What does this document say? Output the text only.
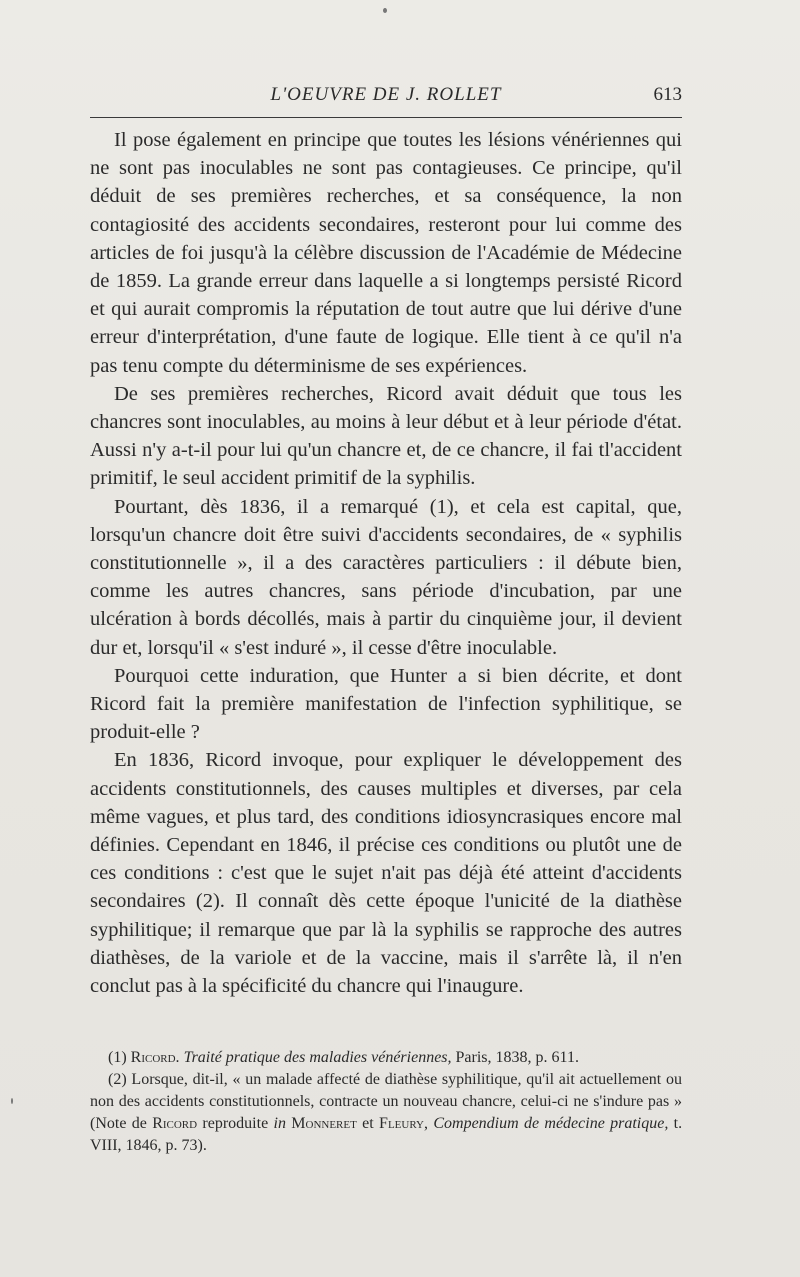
L'OEUVRE DE J. ROLLET	613

Il pose également en principe que toutes les lésions vénériennes qui ne sont pas inoculables ne sont pas contagieuses. Ce principe, qu'il déduit de ses premières recherches, et sa conséquence, la non contagiosité des accidents secondaires, resteront pour lui comme des articles de foi jusqu'à la célèbre discussion de l'Académie de Médecine de 1859. La grande erreur dans laquelle a si longtemps persisté Ricord et qui aurait compromis la réputation de tout autre que lui dérive d'une erreur d'interprétation, d'une faute de logique. Elle tient à ce qu'il n'a pas tenu compte du déterminisme de ses expériences.

De ses premières recherches, Ricord avait déduit que tous les chancres sont inoculables, au moins à leur début et à leur période d'état. Aussi n'y a-t-il pour lui qu'un chancre et, de ce chancre, il fai tl'accident primitif, le seul accident primitif de la syphilis.

Pourtant, dès 1836, il a remarqué (1), et cela est capital, que, lorsqu'un chancre doit être suivi d'accidents secondaires, de « syphilis constitutionnelle », il a des caractères particuliers : il débute bien, comme les autres chancres, sans période d'incubation, par une ulcération à bords décollés, mais à partir du cinquième jour, il devient dur et, lorsqu'il « s'est induré », il cesse d'être inoculable.

Pourquoi cette induration, que Hunter a si bien décrite, et dont Ricord fait la première manifestation de l'infection syphilitique, se produit-elle ?

En 1836, Ricord invoque, pour expliquer le développement des accidents constitutionnels, des causes multiples et diverses, par cela même vagues, et plus tard, des conditions idiosyncrasiques encore mal définies. Cependant en 1846, il précise ces conditions ou plutôt une de ces conditions : c'est que le sujet n'ait pas déjà été atteint d'accidents secondaires (2). Il connaît dès cette époque l'unicité de la diathèse syphilitique; il remarque que par là la syphilis se rapproche des autres diathèses, de la variole et de la vaccine, mais il s'arrête là, il n'en conclut pas à la spécificité du chancre qui l'inaugure.

(1) Ricord. Traité pratique des maladies vénériennes, Paris, 1838, p. 611.

(2) Lorsque, dit-il, « un malade affecté de diathèse syphilitique, qu'il ait actuellement ou non des accidents constitutionnels, contracte un nouveau chancre, celui-ci ne s'indure pas » (Note de Ricord reproduite in Monneret et Fleury, Compendium de médecine pratique, t. VIII, 1846, p. 73).
